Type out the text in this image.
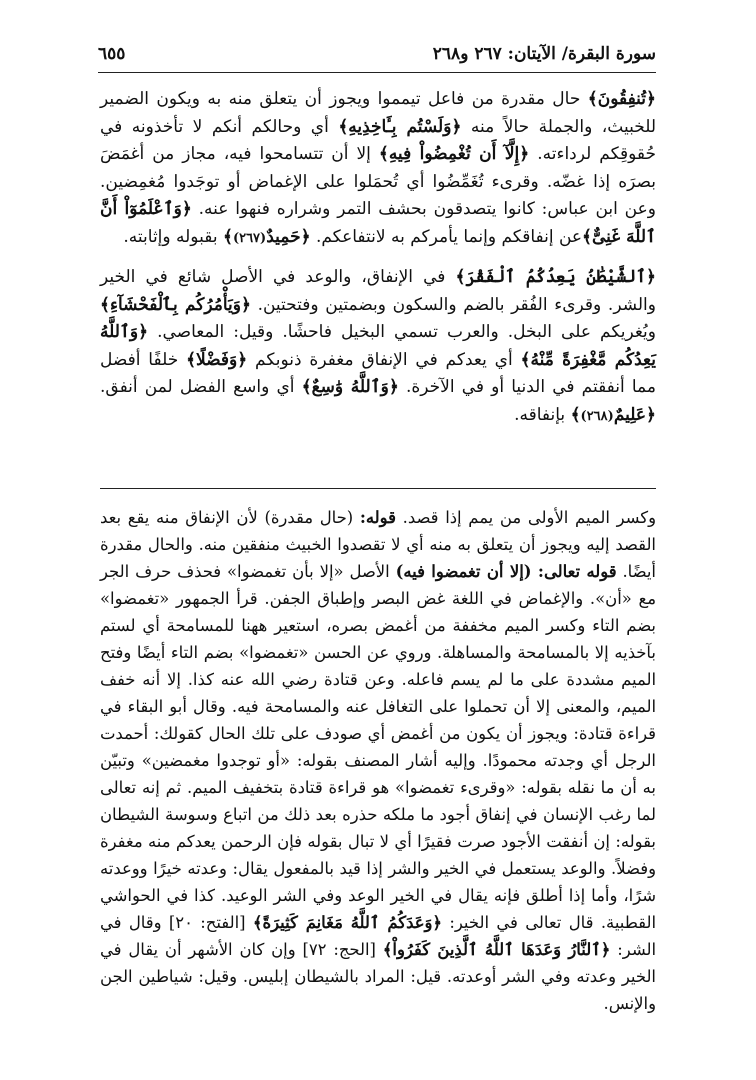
سورة البقرة/ الآيتان: ٢٦٧ و٢٦٨
٦٥٥

﴿تُنفِقُونَ﴾ حال مقدرة من فاعل تيمموا ويجوز أن يتعلق منه به ويكون الضمير للخبيث، والجملة حالاً منه ﴿وَلَسْتُم بِـَٔاخِذِيهِ﴾ أي وحالكم أنكم لا تأخذونه في حُقوقِكم لرداءته. ﴿إِلَّآ أَن تُغْمِضُواْ فِيهِ﴾ إلا أن تتسامحوا فيه، مجاز من أغمَضَ بصرَه إذا غضّه. وقرىء تُغَمِّضُوا أي تُحمَلوا على الإغماض أو توجَدوا مُغمِضين. وعن ابن عباس: كانوا يتصدقون بحشف التمر وشراره فنهوا عنه. ﴿وَٱعْلَمُوٓاْ أَنَّ ٱللَّهَ غَنِىٌّ﴾عن إنفاقكم وإنما يأمركم به لانتفاعكم. ﴿حَمِيدٌ( ٢٦٧ )﴾ بقبوله وإثابته.

﴿ٱلشَّيْطَٰنُ يَعِدُكُمُ ٱلْفَقْرَ﴾ في الإنفاق، والوعد في الأصل شائع في الخير والشر. وقرىء الفُقر بالضم والسكون وبضمتين وفتحتين. ﴿وَيَأْمُرُكُم بِٱلْفَحْشَآءِ﴾ ويُغريكم على البخل. والعرب تسمي البخيل فاحشًا. وقيل: المعاصي. ﴿وَٱللَّهُ يَعِدُكُم مَّغْفِرَةً مِّنْهُ﴾ أي يعدكم في الإنفاق مغفرة ذنوبكم ﴿وَفَضْلًا﴾ خلفًا أفضل مما أنفقتم في الدنيا أو في الآخرة. ﴿وَٱللَّهُ وَٰسِعٌ﴾ أي واسع الفضل لمن أنفق. ﴿عَلِيمٌ( ٢٦٨ )﴾ بإنفاقه.

وكسر الميم الأولى من يمم إذا قصد. قوله: (حال مقدرة) لأن الإنفاق منه يقع بعد القصد إليه ويجوز أن يتعلق به منه أي لا تقصدوا الخبيث منفقين منه. والحال مقدرة أيضًا. قوله تعالى: (إلا أن تغمضوا فيه) الأصل «إلا بأن تغمضوا» فحذف حرف الجر مع «أن». والإغماض في اللغة غض البصر وإطباق الجفن. قرأ الجمهور «تغمضوا» بضم التاء وكسر الميم مخففة من أغمض بصره، استعير ههنا للمسامحة أي لستم بآخذيه إلا بالمسامحة والمساهلة. وروي عن الحسن «تغمضوا» بضم التاء أيضًا وفتح الميم مشددة على ما لم يسم فاعله. وعن قتادة رضي الله عنه كذا. إلا أنه خفف الميم، والمعنى إلا أن تحملوا على التغافل عنه والمسامحة فيه. وقال أبو البقاء في قراءة قتادة: ويجوز أن يكون من أغمض أي صودف على تلك الحال كقولك: أحمدت الرجل أي وجدته محمودًا. وإليه أشار المصنف بقوله: «أو توجدوا مغمضين» وتبيّن به أن ما نقله بقوله: «وقرىء تغمضوا» هو قراءة قتادة بتخفيف الميم. ثم إنه تعالى لما رغب الإنسان في إنفاق أجود ما ملكه حذره بعد ذلك من اتباع وسوسة الشيطان بقوله: إن أنفقت الأجود صرت فقيرًا أي لا تبال بقوله فإن الرحمن يعدكم منه مغفرة وفضلاً. والوعد يستعمل في الخير والشر إذا قيد بالمفعول يقال: وعدته خيرًا ووعدته شرًا، وأما إذا أطلق فإنه يقال في الخير الوعد وفي الشر الوعيد. كذا في الحواشي القطبية. قال تعالى في الخير: ﴿وَعَدَكُمُ ٱللَّهُ مَغَانِمَ كَثِيرَةً﴾ [الفتح: ٢٠] وقال في الشر: ﴿ٱلنَّارُ وَعَدَهَا ٱللَّهُ ٱلَّذِينَ كَفَرُواْ﴾ [الحج: ٧٢] وإن كان الأشهر أن يقال في الخير وعدته وفي الشر أوعدته. قيل: المراد بالشيطان إبليس. وقيل: شياطين الجن والإنس.
